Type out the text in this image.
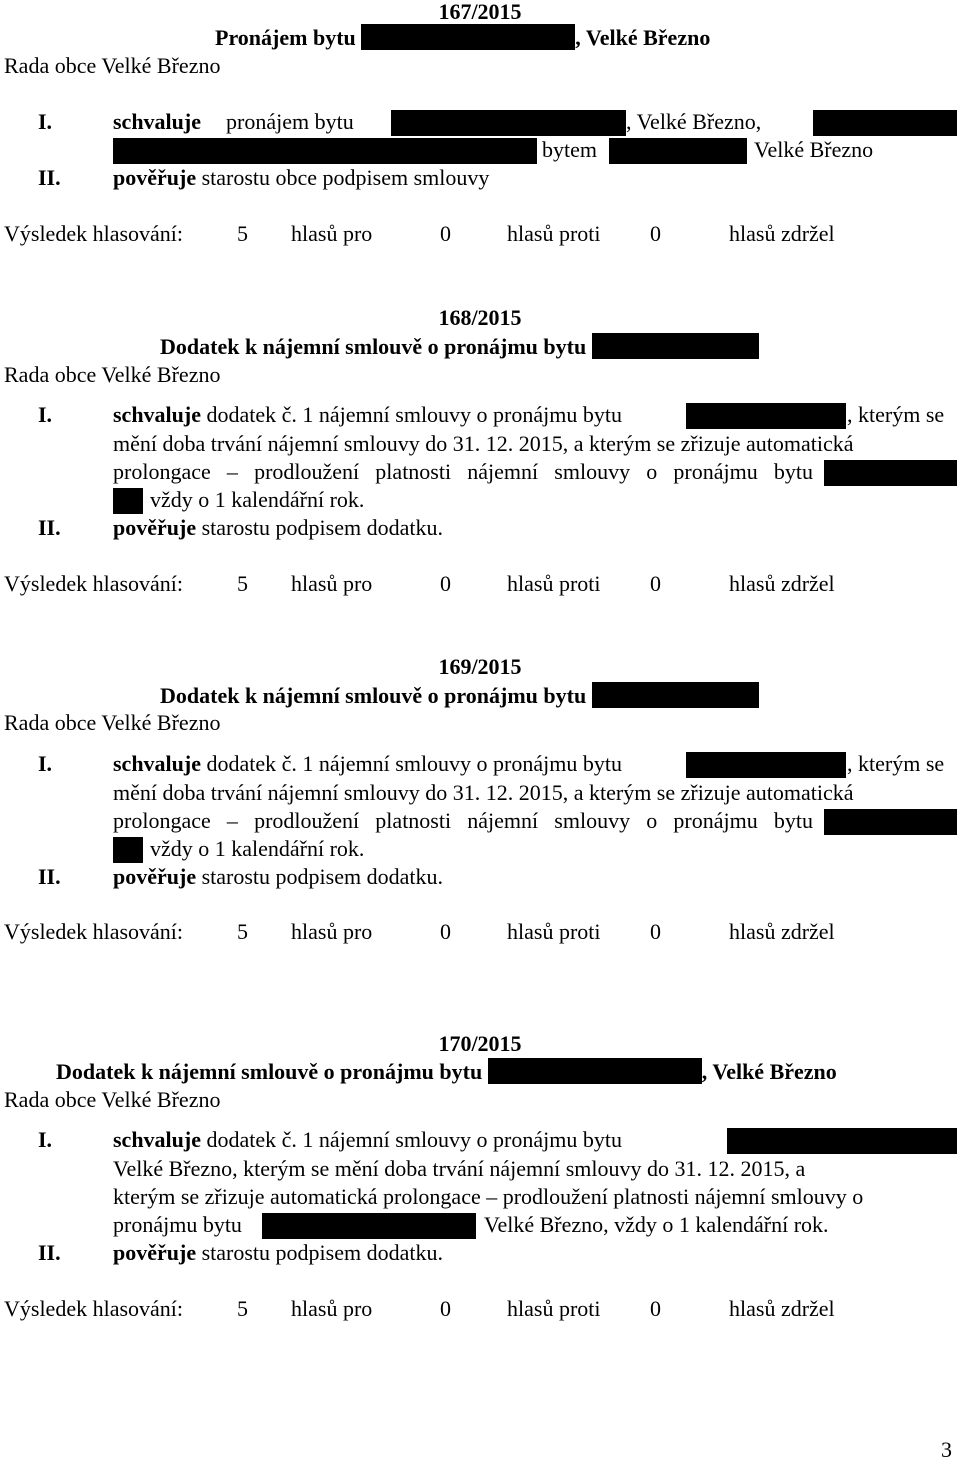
167/2015
Pronájem bytu	, Velké Březno
Rada obce Velké Březno
I.	schvaluje pronájem bytu	, Velké Březno,
bytem	Velké Březno
II. pověřuje starostu obce podpisem smlouvy
Výsledek hlasování: 5 hlasů pro	0	hlasů proti 0	hlasů zdržel
168/2015
Dodatek k nájemní smlouvě o pronájmu bytu
Rada obce Velké Březno
I.	schvaluje dodatek č. 1 nájemní smlouvy o pronájmu bytu	, kterým se
mění doba trvání nájemní smlouvy do 31. 12. 2015, a kterým se zřizuje automatická
prolongace – prodloužení platnosti nájemní smlouvy o pronájmu bytu
vždy o 1 kalendářní rok.
II. pověřuje starostu podpisem dodatku.
Výsledek hlasování: 5 hlasů pro	0	hlasů proti 0	hlasů zdržel
169/2015
Dodatek k nájemní smlouvě o pronájmu bytu
Rada obce Velké Březno
I.	schvaluje dodatek č. 1 nájemní smlouvy o pronájmu bytu	, kterým se
mění doba trvání nájemní smlouvy do 31. 12. 2015, a kterým se zřizuje automatická
prolongace – prodloužení platnosti nájemní smlouvy o pronájmu bytu
vždy o 1 kalendářní rok.
II. pověřuje starostu podpisem dodatku.
Výsledek hlasování: 5 hlasů pro	0	hlasů proti 0	hlasů zdržel
170/2015
Dodatek k nájemní smlouvě o pronájmu bytu	, Velké Březno
Rada obce Velké Březno
I.	schvaluje dodatek č. 1 nájemní smlouvy o pronájmu bytu
Velké Březno, kterým se mění doba trvání nájemní smlouvy do 31. 12. 2015, a
kterým se zřizuje automatická prolongace – prodloužení platnosti nájemní smlouvy o
pronájmu bytu	Velké Březno, vždy o 1 kalendářní rok.
II. pověřuje starostu podpisem dodatku.
Výsledek hlasování: 5 hlasů pro	0	hlasů proti 0	hlasů zdržel
3
